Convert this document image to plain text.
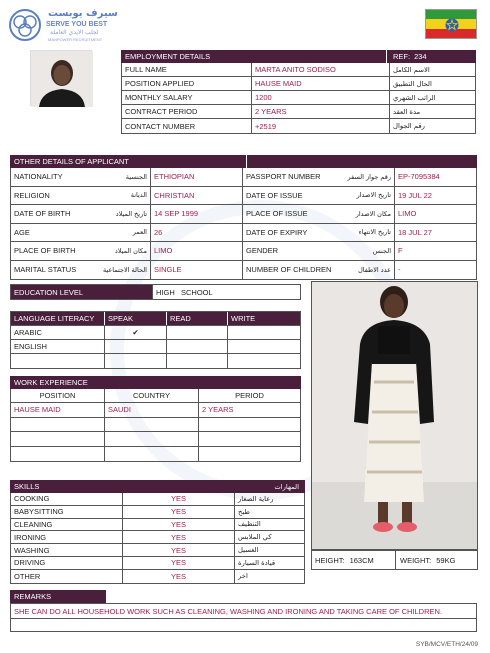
سيرف يوبست
SERVE YOU BEST
لجلب الايدي العاملة
MANPOWER RECRUITMENT
EMPLOYMENT DETAILS	REF: 234
FULL NAME	MARTA ANITO SODISO	الاسم الكامل
POSITION APPLIED	HAUSE MAID	الحال التطبيق
MONTHLY SALARY	1200	الراتب الشهري
CONTRACT PERIOD	2 YEARS	مدة العقد
CONTACT NUMBER	+2519	رقم الجوال
OTHER DETAILS OF APPLICANT
NATIONALITY	الجنسية ETHIOPIAN	PASSPORT NUMBER	رقم جواز السفر EP-7095384
RELIGION	الديانة CHRISTIAN	DATE OF ISSUE	تاريخ الاصدار 19 JUL 22
DATE OF BIRTH	تاريخ الميلاد 14 SEP 1999	PLACE OF ISSUE	مكان الاصدار LIMO
AGE	العمر 26	DATE OF EXPIRY	تاريخ الانتهاء 18 JUL 27
PLACE OF BIRTH	مكان الميلاد LIMO	GENDER	الجنس F
MARITAL STATUS	الحالة الاجتماعية SINGLE	NUMBER OF CHILDREN	عدد الاطفال -
EDUCATION LEVEL	HIGH   SCHOOL
LANGUAGE LITERACY	SPEAK	READ	WRITE
ARABIC	✔
ENGLISH
WORK EXPERIENCE
POSITION	COUNTRY	PERIOD
HAUSE MAID	SAUDI	2 YEARS
SKILLS	المهارات
COOKING	YES	رعاية الصغار
BABYSITTING	YES	طبخ
CLEANING	YES	التنظيف
IRONING	YES	كي الملابس
WASHING	YES	الغسيل
DRIVING	YES	قيادة السيارة
OTHER	YES	اخر
HEIGHT: 163CM	WEIGHT: 59KG
REMARKS
SHE CAN DO ALL HOUSEHOLD WORK SUCH AS CLEANING, WASHING AND IRONING AND TAKING CARE OF CHILDREN.
SYB/MCV/ETH/24/09
